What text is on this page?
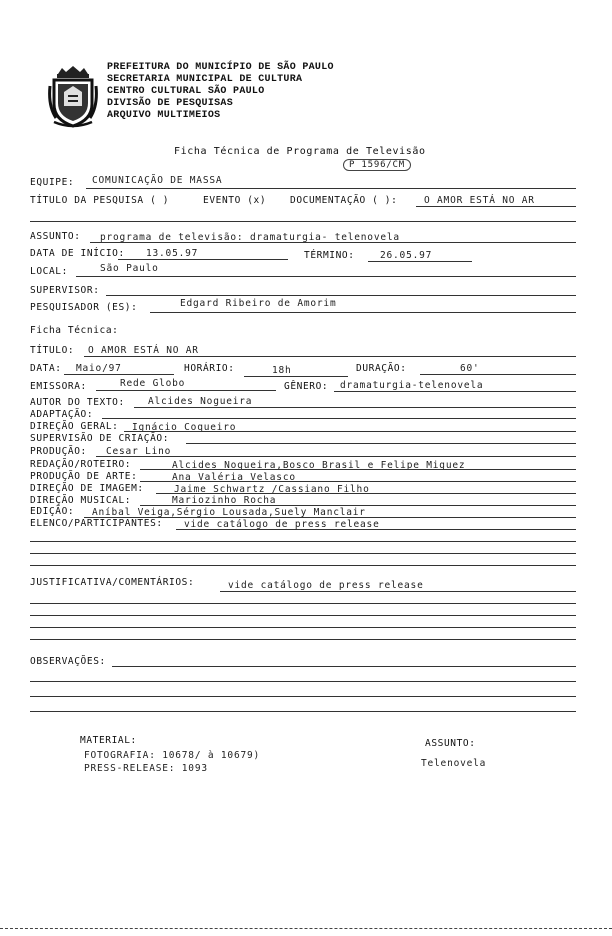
PREFEITURA DO MUNICÍPIO DE SÃO PAULO
SECRETARIA MUNICIPAL DE CULTURA
CENTRO CULTURAL SÃO PAULO
DIVISÃO DE PESQUISAS
ARQUIVO MULTIMEIOS
Ficha Técnica de Programa de Televisão
P 1596/CM
EQUIPE: COMUNICAÇÃO DE MASSA
TÍTULO DA PESQUISA ( )	EVENTO (x)	DOCUMENTAÇÃO ( ):	O AMOR ESTÁ NO AR
ASSUNTO: programa de televisão: dramaturgia- telenovela
DATA DE INÍCIO: 13.05.97	TÉRMINO:	26.05.97
LOCAL:	São Paulo
SUPERVISOR:
PESQUISADOR (ES):	Edgard Ribeiro de Amorim
Ficha Técnica:
TÍTULO: O AMOR ESTÁ NO AR
DATA: Maio/97	HORÁRIO:	18h	DURAÇÃO:	60'
EMISSORA:	Rede Globo	GÊNERO: dramaturgia-telenovela
AUTOR DO TEXTO: Alcides Nogueira
ADAPTAÇÃO:
DIREÇÃO GERAL: Ignácio Coqueiro
SUPERVISÃO DE CRIAÇÃO:
PRODUÇÃO: Cesar Lino
REDAÇÃO/ROTEIRO:	Alcides Nogueira,Bosco Brasil e Felipe Miguez
PRODUÇÃO DE ARTE:	Ana Valéria Velasco
DIREÇÃO DE IMAGEM:	Jaime Schwartz /Cassiano Filho
DIREÇÃO MUSICAL:	Mariozinho Rocha
EDIÇÃO: Aníbal Veiga,Sérgio Lousada,Suely Manclair
ELENCO/PARTICIPANTES: vide catálogo de press release
JUSTIFICATIVA/COMENTÁRIOS:	vide catálogo de press release
OBSERVAÇÕES:
MATERIAL:
FOTOGRAFIA: 10678/ à 10679)
PRESS-RELEASE: 1093
ASSUNTO:
Telenovela
